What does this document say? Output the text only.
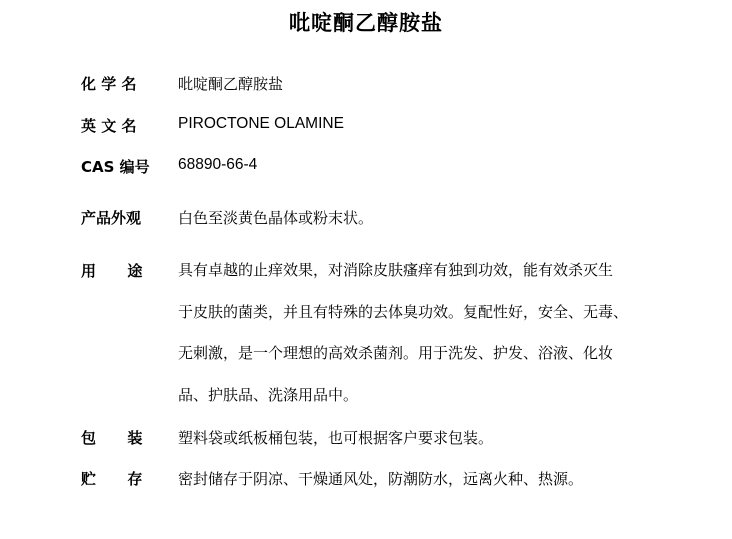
吡啶酮乙醇胺盐
化 学 名	吡啶酮乙醇胺盐
英 文 名	PIROCTONE OLAMINE
CAS 编号 68890-66-4
产品外观 白色至淡黄色晶体或粉末状。
用      途 具有卓越的止痒效果，对消除皮肤瘙痒有独到功效，能有效杀灭生
于皮肤的菌类，并且有特殊的去体臭功效。复配性好，安全、无毒、
无刺激，是一个理想的高效杀菌剂。用于洗发、护发、浴液、化妆
品、护肤品、洗涤用品中。
包      装 塑料袋或纸板桶包装，也可根据客户要求包装。
贮      存 密封储存于阴凉、干燥通风处，防潮防水，远离火种、热源。
